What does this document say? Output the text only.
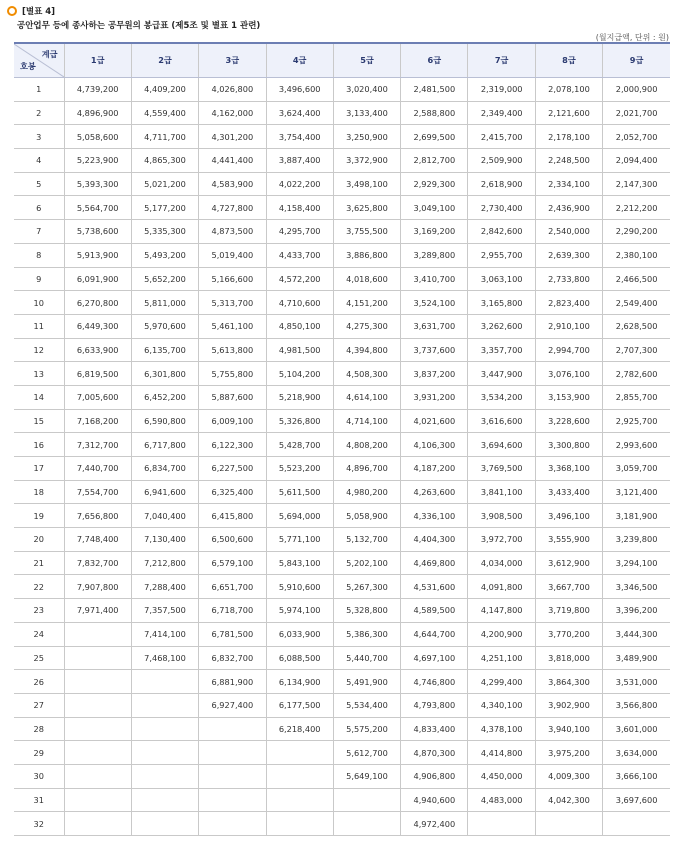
[별표 4]
공안업무 등에 종사하는 공무원의 봉급표 (제5조 및 별표 1 관련)
(월지급액, 단위 : 원)
계급
호봉	1급	2급	3급	4급	5급	6급	7급	8급	9급
1	4,739,200	4,409,200	4,026,800	3,496,600	3,020,400	2,481,500	2,319,000	2,078,100	2,000,900
2	4,896,900	4,559,400	4,162,000	3,624,400	3,133,400	2,588,800	2,349,400	2,121,600	2,021,700
3	5,058,600	4,711,700	4,301,200	3,754,400	3,250,900	2,699,500	2,415,700	2,178,100	2,052,700
4	5,223,900	4,865,300	4,441,400	3,887,400	3,372,900	2,812,700	2,509,900	2,248,500	2,094,400
5	5,393,300	5,021,200	4,583,900	4,022,200	3,498,100	2,929,300	2,618,900	2,334,100	2,147,300
6	5,564,700	5,177,200	4,727,800	4,158,400	3,625,800	3,049,100	2,730,400	2,436,900	2,212,200
7	5,738,600	5,335,300	4,873,500	4,295,700	3,755,500	3,169,200	2,842,600	2,540,000	2,290,200
8	5,913,900	5,493,200	5,019,400	4,433,700	3,886,800	3,289,800	2,955,700	2,639,300	2,380,100
9	6,091,900	5,652,200	5,166,600	4,572,200	4,018,600	3,410,700	3,063,100	2,733,800	2,466,500
10	6,270,800	5,811,000	5,313,700	4,710,600	4,151,200	3,524,100	3,165,800	2,823,400	2,549,400
11	6,449,300	5,970,600	5,461,100	4,850,100	4,275,300	3,631,700	3,262,600	2,910,100	2,628,500
12	6,633,900	6,135,700	5,613,800	4,981,500	4,394,800	3,737,600	3,357,700	2,994,700	2,707,300
13	6,819,500	6,301,800	5,755,800	5,104,200	4,508,300	3,837,200	3,447,900	3,076,100	2,782,600
14	7,005,600	6,452,200	5,887,600	5,218,900	4,614,100	3,931,200	3,534,200	3,153,900	2,855,700
15	7,168,200	6,590,800	6,009,100	5,326,800	4,714,100	4,021,600	3,616,600	3,228,600	2,925,700
16	7,312,700	6,717,800	6,122,300	5,428,700	4,808,200	4,106,300	3,694,600	3,300,800	2,993,600
17	7,440,700	6,834,700	6,227,500	5,523,200	4,896,700	4,187,200	3,769,500	3,368,100	3,059,700
18	7,554,700	6,941,600	6,325,400	5,611,500	4,980,200	4,263,600	3,841,100	3,433,400	3,121,400
19	7,656,800	7,040,400	6,415,800	5,694,000	5,058,900	4,336,100	3,908,500	3,496,100	3,181,900
20	7,748,400	7,130,400	6,500,600	5,771,100	5,132,700	4,404,300	3,972,700	3,555,900	3,239,800
21	7,832,700	7,212,800	6,579,100	5,843,100	5,202,100	4,469,800	4,034,000	3,612,900	3,294,100
22	7,907,800	7,288,400	6,651,700	5,910,600	5,267,300	4,531,600	4,091,800	3,667,700	3,346,500
23	7,971,400	7,357,500	6,718,700	5,974,100	5,328,800	4,589,500	4,147,800	3,719,800	3,396,200
24		7,414,100	6,781,500	6,033,900	5,386,300	4,644,700	4,200,900	3,770,200	3,444,300
25		7,468,100	6,832,700	6,088,500	5,440,700	4,697,100	4,251,100	3,818,000	3,489,900
26			6,881,900	6,134,900	5,491,900	4,746,800	4,299,400	3,864,300	3,531,000
27			6,927,400	6,177,500	5,534,400	4,793,800	4,340,100	3,902,900	3,566,800
28				6,218,400	5,575,200	4,833,400	4,378,100	3,940,100	3,601,000
29					5,612,700	4,870,300	4,414,800	3,975,200	3,634,000
30					5,649,100	4,906,800	4,450,000	4,009,300	3,666,100
31						4,940,600	4,483,000	4,042,300	3,697,600
32						4,972,400			
